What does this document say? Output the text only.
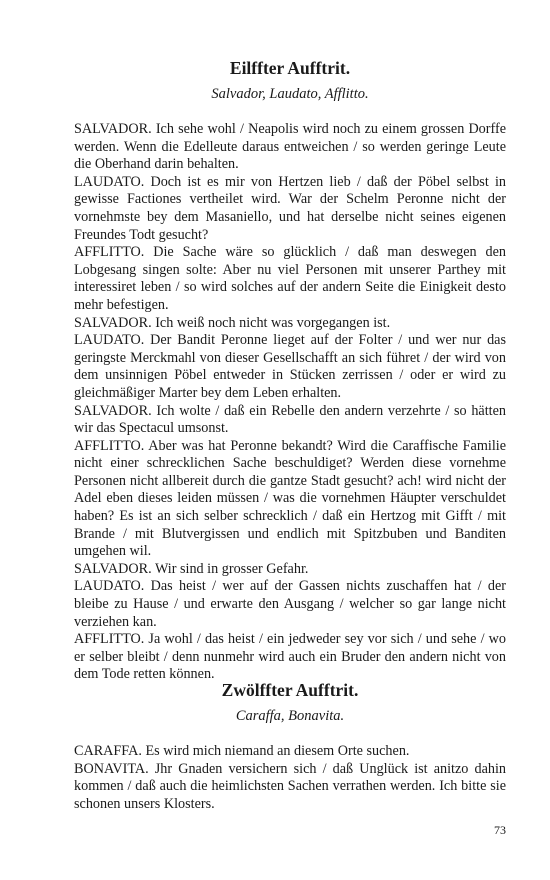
Eilffter Aufftrit.

Salvador, Laudato, Afflitto.

SALVADOR. Ich sehe wohl / Neapolis wird noch zu einem grossen Dorffe werden. Wenn die Edelleute daraus entweichen / so werden geringe Leute die Oberhand darin behalten.

LAUDATO. Doch ist es mir von Hertzen lieb / daß der Pöbel selbst in gewisse Factiones vertheilet wird. War der Schelm Peronne nicht der vornehmste bey dem Masaniello, und hat derselbe nicht seines eigenen Freundes Todt gesucht?

AFFLITTO. Die Sache wäre so glücklich / daß man deswegen den Lobgesang singen solte: Aber nu viel Personen mit unserer Parthey mit interessiret leben / so wird solches auf der andern Seite die Einigkeit desto mehr befestigen.

SALVADOR. Ich weiß noch nicht was vorgegangen ist.

LAUDATO. Der Bandit Peronne lieget auf der Folter / und wer nur das geringste Merckmahl von dieser Gesellschafft an sich führet / der wird von dem unsinnigen Pöbel entweder in Stücken zerrissen / oder er wird zu gleichmäßiger Marter bey dem Leben erhalten.

SALVADOR. Ich wolte / daß ein Rebelle den andern verzehrte / so hätten wir das Spectacul umsonst.

AFFLITTO. Aber was hat Peronne bekandt? Wird die Caraffische Familie nicht einer schrecklichen Sache beschuldiget? Werden diese vornehme Personen nicht allbereit durch die gantze Stadt gesucht? ach! wird nicht der Adel eben dieses leiden müssen / was die vornehmen Häupter verschuldet haben? Es ist an sich selber schrecklich / daß ein Hertzog mit Gifft / mit Brande / mit Blutvergissen und endlich mit Spitzbuben und Banditen umgehen wil.

SALVADOR. Wir sind in grosser Gefahr.

LAUDATO. Das heist / wer auf der Gassen nichts zuschaffen hat / der bleibe zu Hause / und erwarte den Ausgang / welcher so gar lange nicht verziehen kan.

AFFLITTO. Ja wohl / das heist / ein jedweder sey vor sich / und sehe / wo er selber bleibt / denn nunmehr wird auch ein Bruder den andern nicht von dem Tode retten können.

Zwölffter Aufftrit.

Caraffa, Bonavita.

CARAFFA. Es wird mich niemand an diesem Orte suchen.

BONAVITA. Jhr Gnaden versichern sich / daß Unglück ist anitzo dahin kommen / daß auch die heimlichsten Sachen verrathen werden. Ich bitte sie schonen unsers Klosters.

73
